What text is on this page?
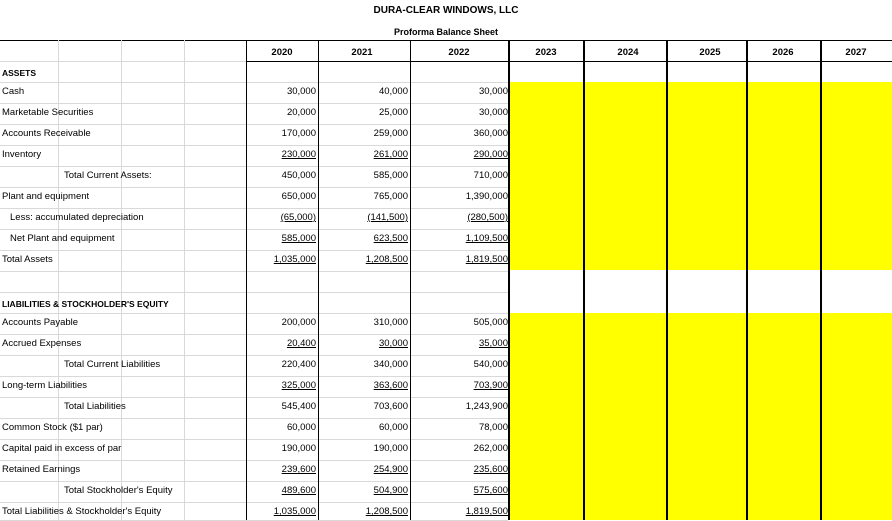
DURA-CLEAR WINDOWS, LLC
Proforma Balance Sheet
2020	2021	2022	2023	2024	2025	2026	2027
ASSETS
Cash	30,000	40,000	30,000
Marketable Securities	20,000	25,000	30,000
Accounts Receivable	170,000	259,000	360,000
Inventory	230,000	261,000	290,000
Total Current Assets:	450,000	585,000	710,000
Plant and equipment	650,000	765,000	1,390,000
Less: accumulated depreciation	(65,000)	(141,500)	(280,500)
Net Plant and equipment	585,000	623,500	1,109,500
Total Assets	1,035,000	1,208,500	1,819,500
LIABILITIES & STOCKHOLDER'S EQUITY
Accounts Payable	200,000	310,000	505,000
Accrued Expenses	20,400	30,000	35,000
Total Current Liabilities	220,400	340,000	540,000
Long-term Liabilities	325,000	363,600	703,900
Total Liabilities	545,400	703,600	1,243,900
Common Stock ($1 par)	60,000	60,000	78,000
Capital paid in excess of par	190,000	190,000	262,000
Retained Earnings	239,600	254,900	235,600
Total Stockholder's Equity	489,600	504,900	575,600
Total Liabilities & Stockholder's Equity	1,035,000	1,208,500	1,819,500
